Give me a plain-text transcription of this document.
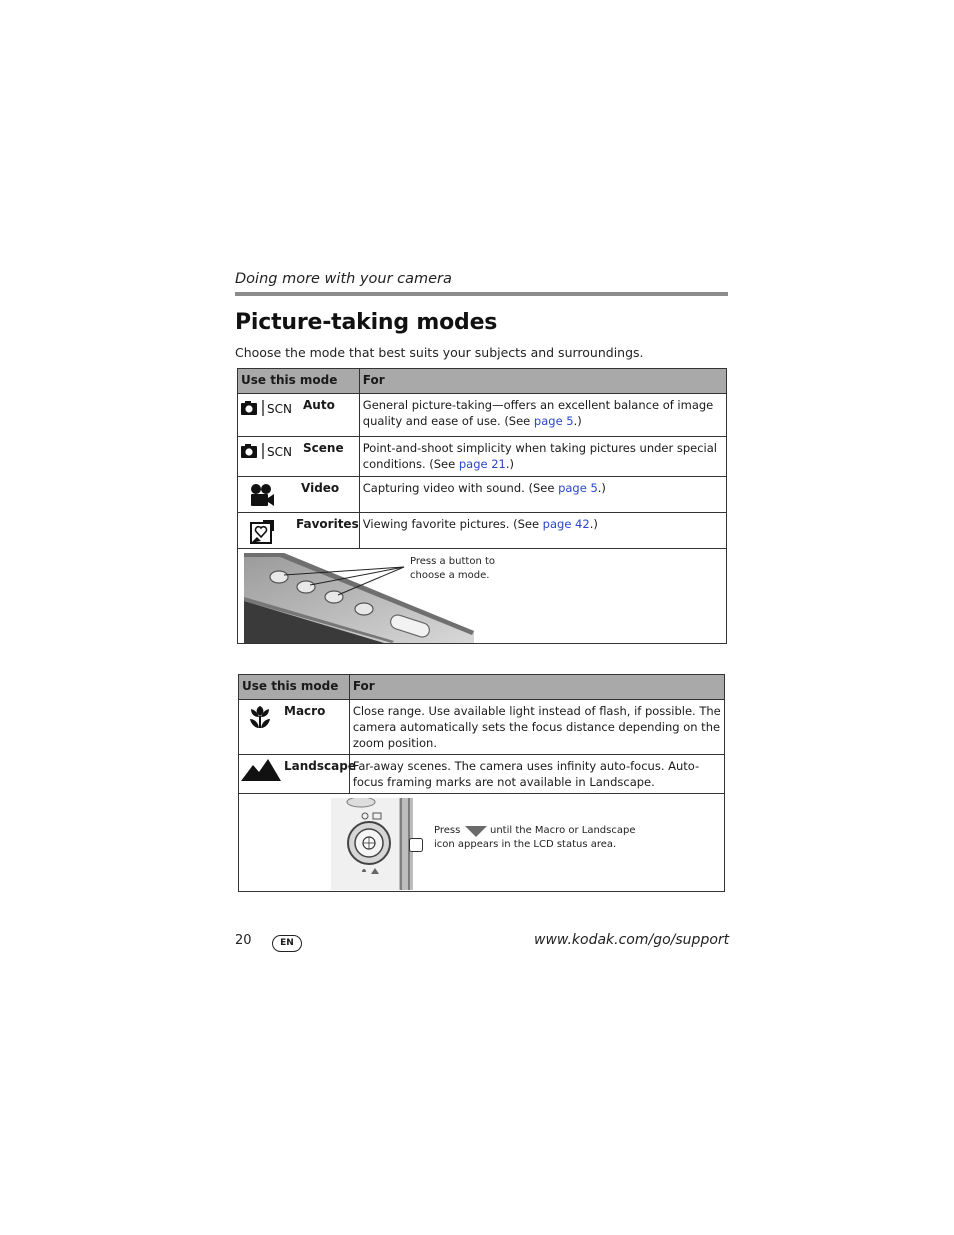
Doing more with your camera
Picture-taking modes
Choose the mode that best suits your subjects and surroundings.
Use this mode	For

SCN Auto	General picture-taking—offers an excellent balance of image quality and ease of use. (See page 5.)

SCN Scene	Point-and-shoot simplicity when taking pictures under special conditions. (See page 21.)

Video	Capturing video with sound. (See page 5.)

Favorites	Viewing favorite pictures. (See page 42.)

Press a button to choose a mode.	
Use this mode	For

Macro	Close range. Use available light instead of flash, if possible. The camera automatically sets the focus distance depending on the zoom position.

Landscape	Far-away scenes. The camera uses infinity auto-focus. Auto-focus framing marks are not available in Landscape.

Press until the Macro or Landscape icon appears in the LCD status area.	
20	EN	www.kodak.com/go/support
